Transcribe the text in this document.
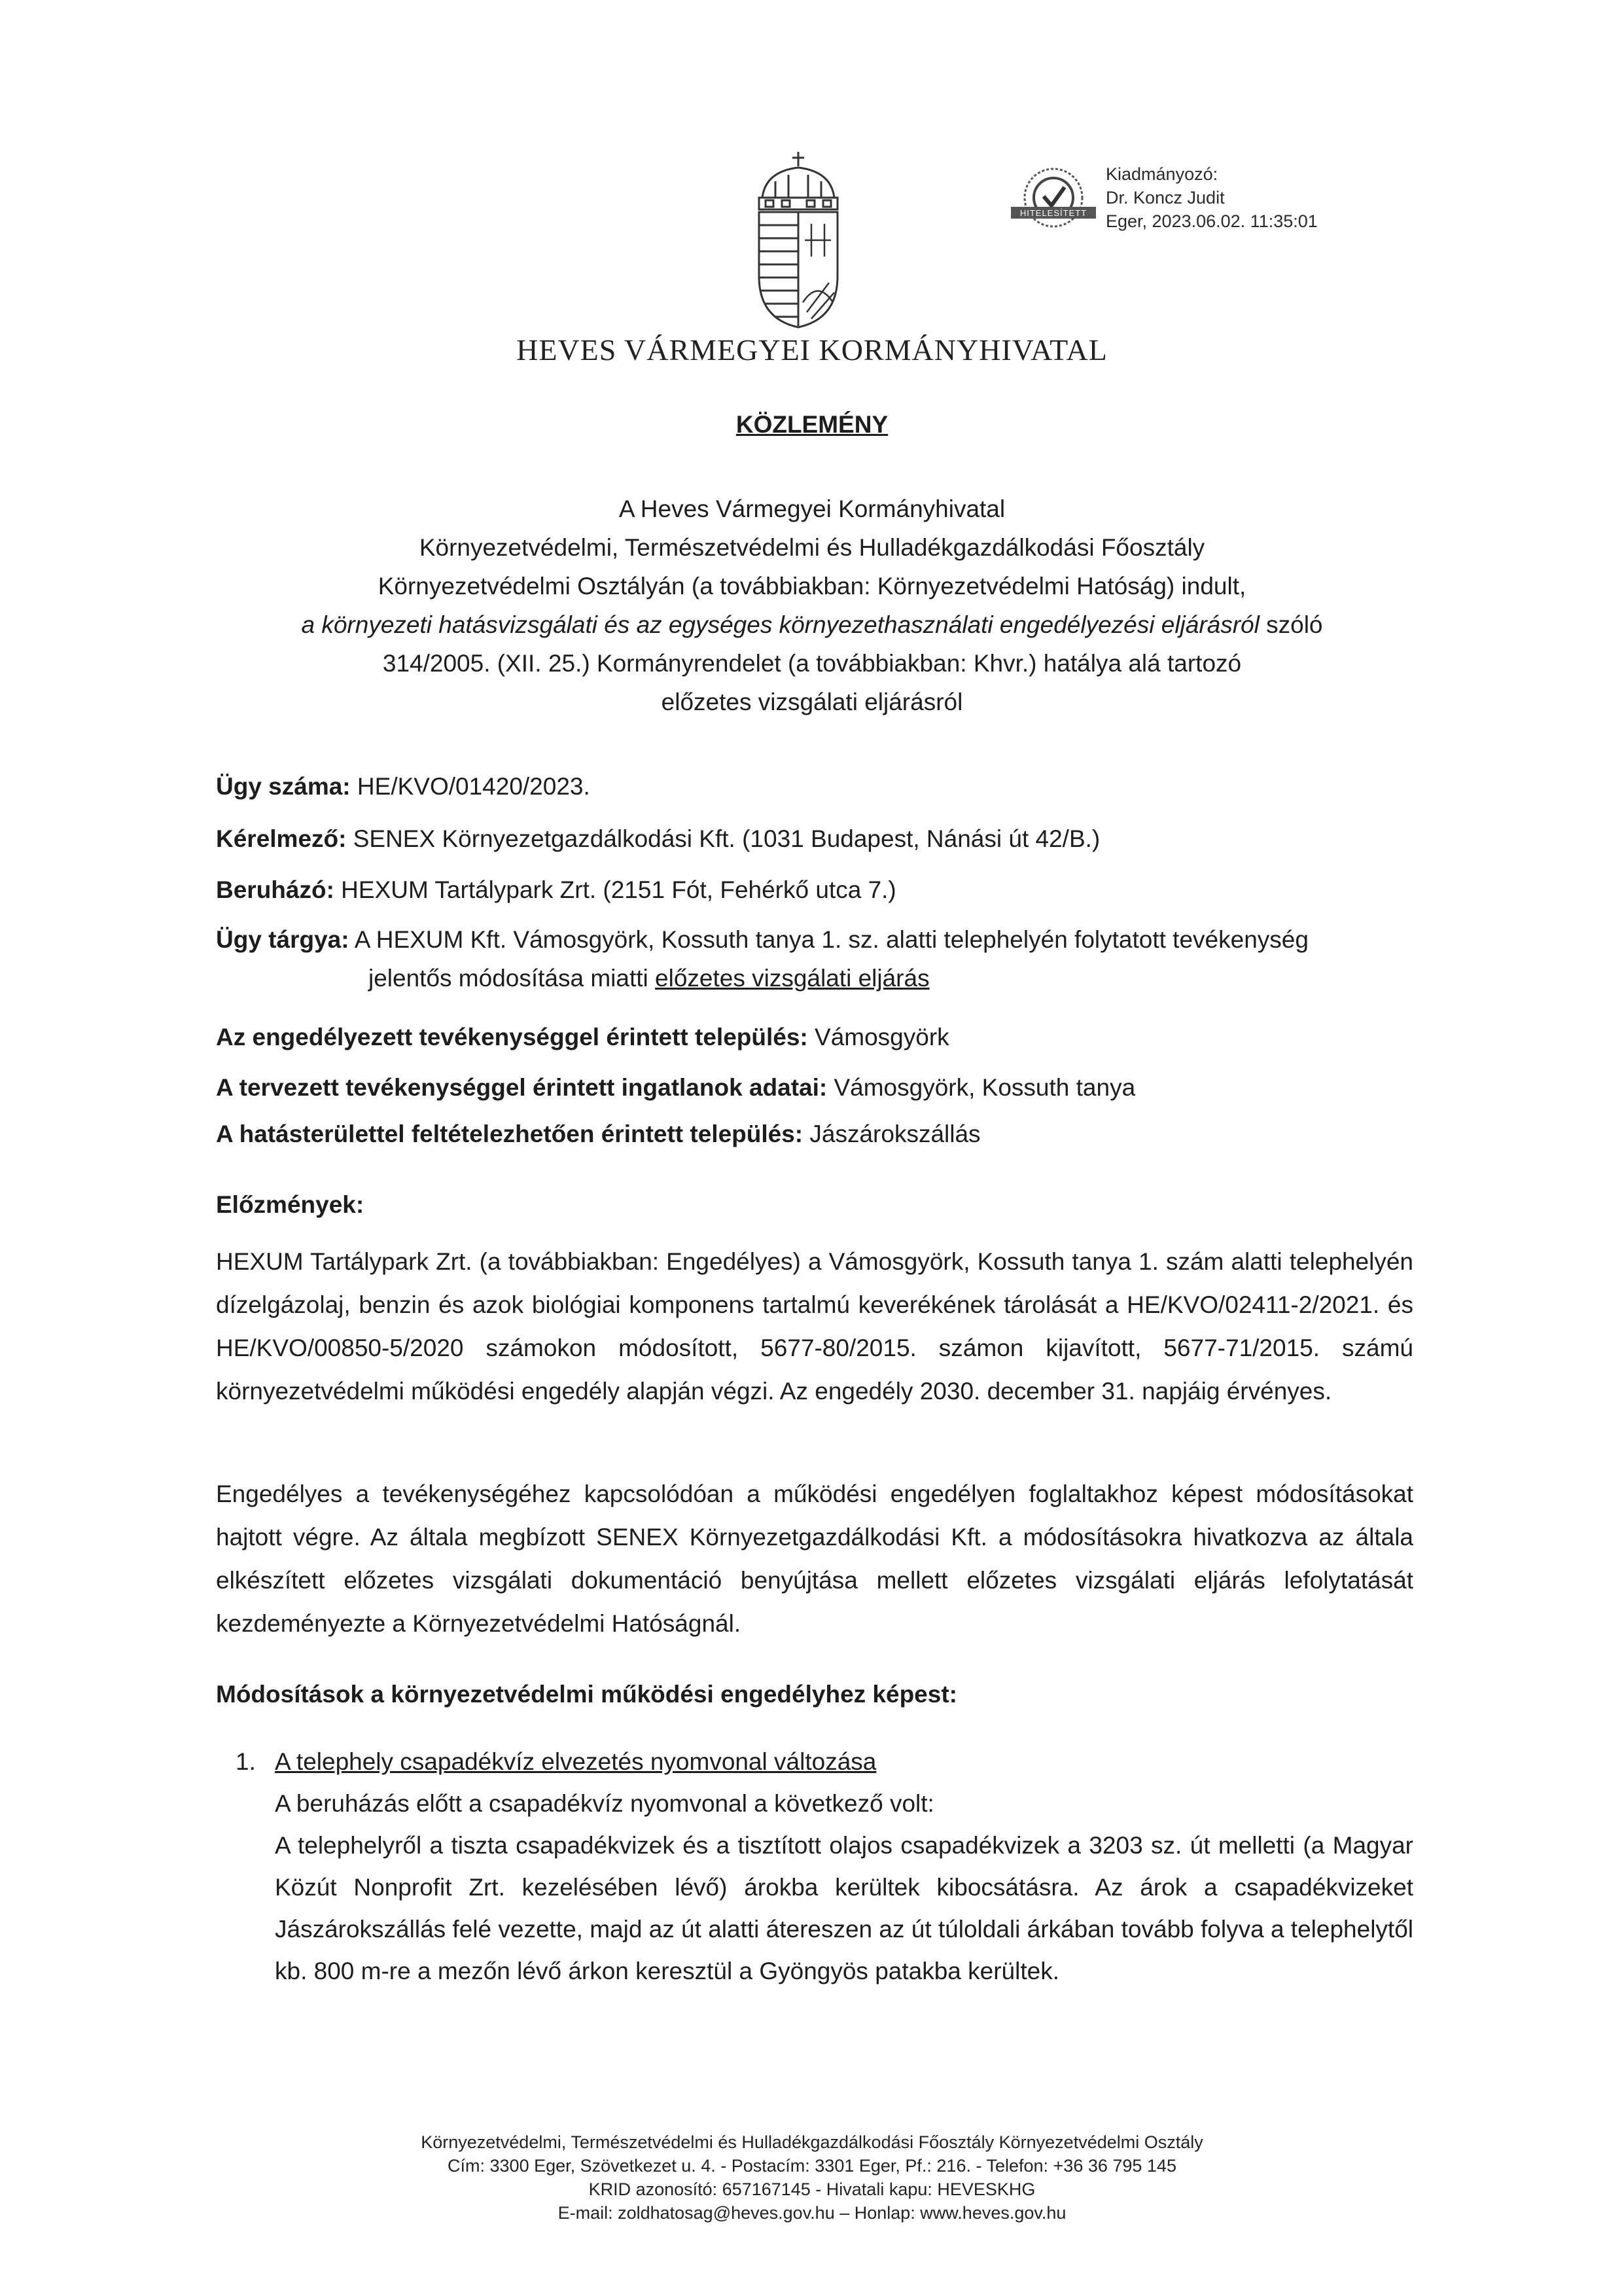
HITELESÍTETT
Kiadmányozó:
Dr. Koncz Judit
Eger, 2023.06.02. 11:35:01
HEVES VÁRMEGYEI KORMÁNYHIVATAL
KÖZLEMÉNY
A Heves Vármegyei Kormányhivatal
Környezetvédelmi, Természetvédelmi és Hulladékgazdálkodási Főosztály
Környezetvédelmi Osztályán (a továbbiakban: Környezetvédelmi Hatóság) indult,
a környezeti hatásvizsgálati és az egységes környezethasználati engedélyezési eljárásról szóló
314/2005. (XII. 25.) Kormányrendelet (a továbbiakban: Khvr.) hatálya alá tartozó
előzetes vizsgálati eljárásról
Ügy száma: HE/KVO/01420/2023.
Kérelmező: SENEX Környezetgazdálkodási Kft. (1031 Budapest, Nánási út 42/B.)
Beruházó: HEXUM Tartálypark Zrt. (2151 Fót, Fehérkő utca 7.)
Ügy tárgya: A HEXUM Kft. Vámosgyörk, Kossuth tanya 1. sz. alatti telephelyén folytatott tevékenység
jelentős módosítása miatti előzetes vizsgálati eljárás
Az engedélyezett tevékenységgel érintett település: Vámosgyörk
A tervezett tevékenységgel érintett ingatlanok adatai: Vámosgyörk, Kossuth tanya
A hatásterülettel feltételezhetően érintett település: Jászárokszállás
Előzmények:
HEXUM Tartálypark Zrt. (a továbbiakban: Engedélyes) a Vámosgyörk, Kossuth tanya 1. szám alatti telephelyén dízelgázolaj, benzin és azok biológiai komponens tartalmú keverékének tárolását a HE/KVO/02411-2/2021. és HE/KVO/00850-5/2020 számokon módosított, 5677-80/2015. számon kijavított, 5677-71/2015. számú környezetvédelmi működési engedély alapján végzi. Az engedély 2030. december 31. napjáig érvényes.
Engedélyes a tevékenységéhez kapcsolódóan a működési engedélyen foglaltakhoz képest módosításokat hajtott végre. Az általa megbízott SENEX Környezetgazdálkodási Kft. a módosításokra hivatkozva az általa elkészített előzetes vizsgálati dokumentáció benyújtása mellett előzetes vizsgálati eljárás lefolytatását kezdeményezte a Környezetvédelmi Hatóságnál.
Módosítások a környezetvédelmi működési engedélyhez képest:
1. A telephely csapadékvíz elvezetés nyomvonal változása
A beruházás előtt a csapadékvíz nyomvonal a következő volt:
A telephelyről a tiszta csapadékvizek és a tisztított olajos csapadékvizek a 3203 sz. út melletti (a Magyar Közút Nonprofit Zrt. kezelésében lévő) árokba kerültek kibocsátásra. Az árok a csapadékvizeket Jászárokszállás felé vezette, majd az út alatti átereszen az út túloldali árkában tovább folyva a telephelytől kb. 800 m-re a mezőn lévő árkon keresztül a Gyöngyös patakba kerültek.
Környezetvédelmi, Természetvédelmi és Hulladékgazdálkodási Főosztály Környezetvédelmi Osztály
Cím: 3300 Eger, Szövetkezet u. 4. - Postacím: 3301 Eger, Pf.: 216. - Telefon: +36 36 795 145
KRID azonosító: 657167145 - Hivatali kapu: HEVESKHG
E-mail: zoldhatosag@heves.gov.hu – Honlap: www.heves.gov.hu
